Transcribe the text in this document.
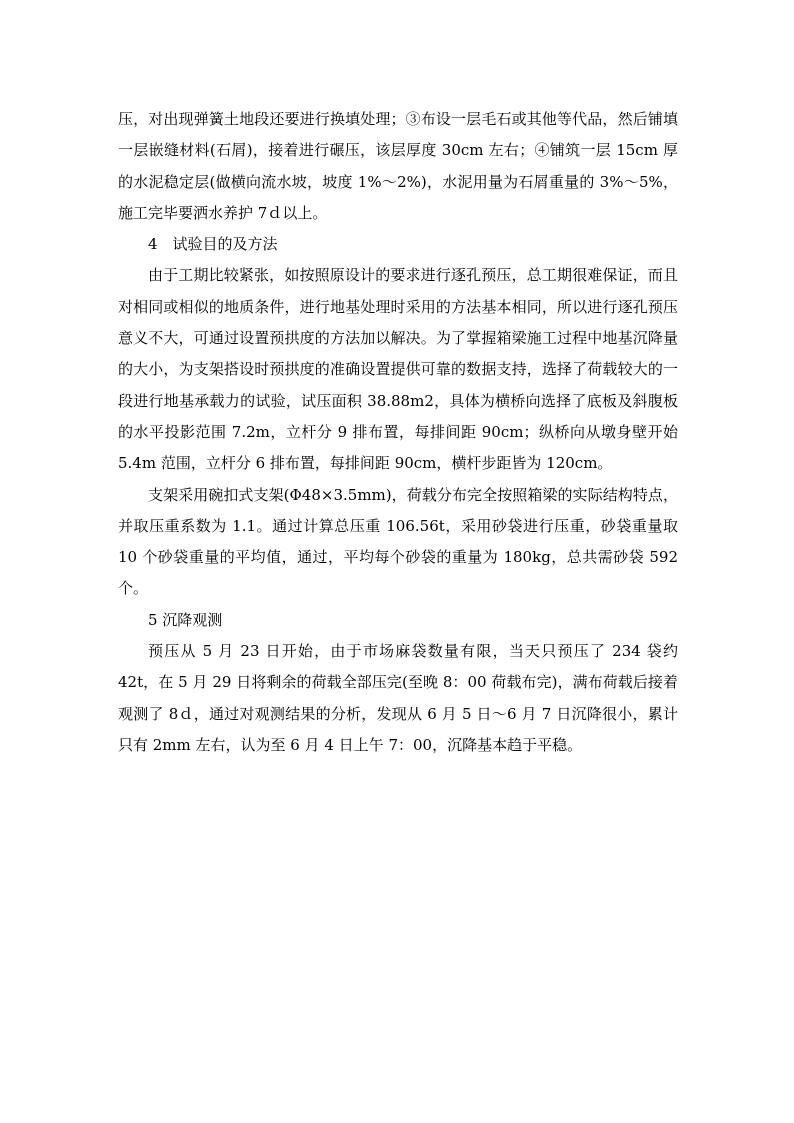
压，对出现弹簧土地段还要进行换填处理；③布设一层毛石或其他等代品，然后铺填一层嵌缝材料(石屑)，接着进行碾压，该层厚度 30cm 左右；④铺筑一层 15cm 厚的水泥稳定层(做横向流水坡，坡度 1%～2%)，水泥用量为石屑重量的 3%～5%，施工完毕要洒水养护 7ｄ以上。

4　试验目的及方法

由于工期比较紧张，如按照原设计的要求进行逐孔预压，总工期很难保证，而且对相同或相似的地质条件，进行地基处理时采用的方法基本相同，所以进行逐孔预压意义不大，可通过设置预拱度的方法加以解决。为了掌握箱梁施工过程中地基沉降量的大小，为支架搭设时预拱度的准确设置提供可靠的数据支持，选择了荷载较大的一段进行地基承载力的试验，试压面积 38.88m2，具体为横桥向选择了底板及斜腹板的水平投影范围 7.2m，立杆分 9 排布置，每排间距 90cm；纵桥向从墩身壁开始 5.4m 范围，立杆分 6 排布置，每排间距 90cm，横杆步距皆为 120cm。

支架采用碗扣式支架(Φ48×3.5mm)，荷载分布完全按照箱梁的实际结构特点，并取压重系数为 1.1。通过计算总压重 106.56t，采用砂袋进行压重，砂袋重量取 10 个砂袋重量的平均值，通过，平均每个砂袋的重量为 180kg，总共需砂袋 592 个。

5 沉降观测

预压从 5 月 23 日开始，由于市场麻袋数量有限，当天只预压了 234 袋约 42t，在 5 月 29 日将剩余的荷载全部压完(至晚 8：00 荷载布完)，满布荷载后接着观测了 8ｄ，通过对观测结果的分析，发现从 6 月 5 日～6 月 7 日沉降很小，累计只有 2mm 左右，认为至 6 月 4 日上午 7：00，沉降基本趋于平稳。
